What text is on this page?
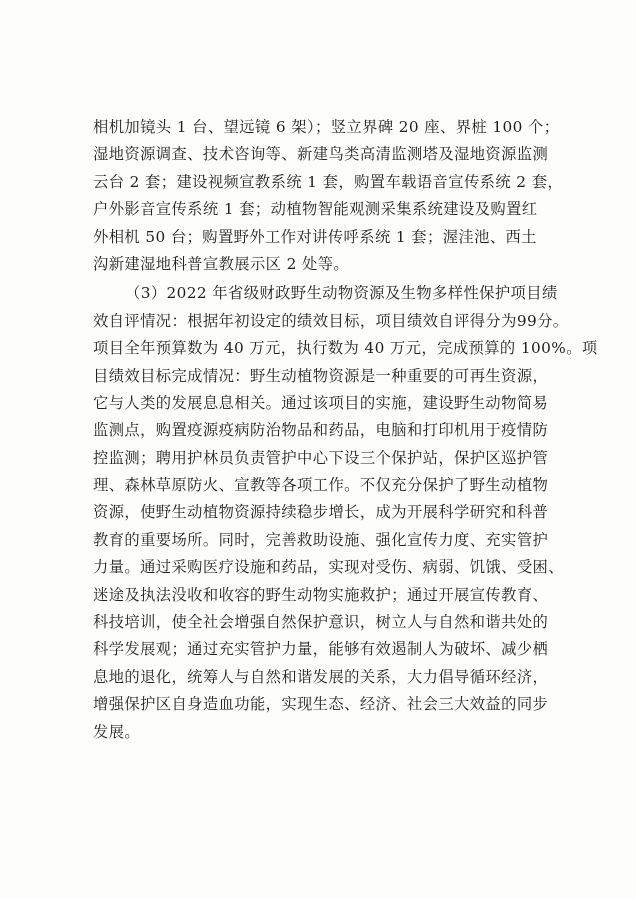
相机加镜头 1 台、望远镜 6 架）；竖立界碑 20 座、界桩 100 个；
湿地资源调查、技术咨询等、新建鸟类高清监测塔及湿地资源监测
云台 2 套；建设视频宣教系统 1 套，购置车载语音宣传系统 2 套，
户外影音宣传系统 1 套；动植物智能观测采集系统建设及购置红
外相机 50 台；购置野外工作对讲传呼系统 1 套；渥洼池、西土
沟新建湿地科普宣教展示区 2 处等。
（3）2022 年省级财政野生动物资源及生物多样性保护项目绩
效自评情况：根据年初设定的绩效目标，项目绩效自评得分为99分。
项目全年预算数为 40 万元，执行数为 40 万元，完成预算的 100%。项
目绩效目标完成情况：野生动植物资源是一种重要的可再生资源，
它与人类的发展息息相关。通过该项目的实施，建设野生动物简易
监测点，购置疫源疫病防治物品和药品，电脑和打印机用于疫情防
控监测；聘用护林员负责管护中心下设三个保护站，保护区巡护管
理、森林草原防火、宣教等各项工作。不仅充分保护了野生动植物
资源，使野生动植物资源持续稳步增长，成为开展科学研究和科普
教育的重要场所。同时，完善救助设施、强化宣传力度、充实管护
力量。通过采购医疗设施和药品，实现对受伤、病弱、饥饿、受困、
迷途及执法没收和收容的野生动物实施救护；通过开展宣传教育、
科技培训，使全社会增强自然保护意识，树立人与自然和谐共处的
科学发展观；通过充实管护力量，能够有效遏制人为破坏、减少栖
息地的退化，统筹人与自然和谐发展的关系，大力倡导循环经济，
增强保护区自身造血功能，实现生态、经济、社会三大效益的同步
发展。
